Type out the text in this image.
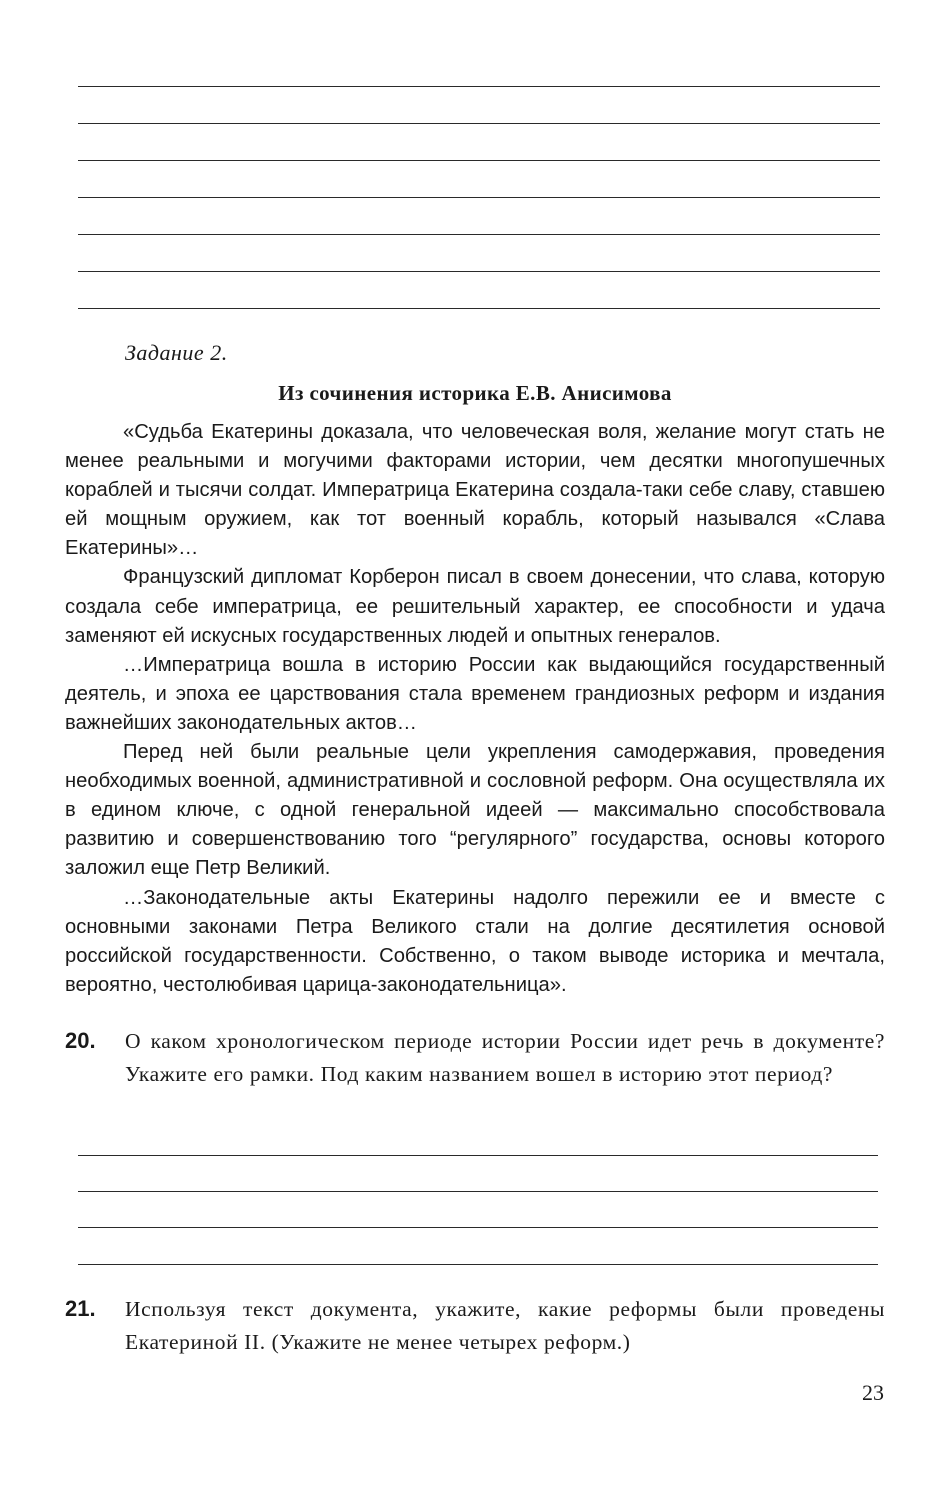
Задание 2.
Из сочинения историка Е.В. Анисимова

«Судьба Екатерины доказала, что человеческая воля, желание могут стать не менее реальными и могучими факторами истории, чем десятки многопушечных кораблей и тысячи солдат. Императрица Екатерина создала-таки себе славу, ставшею ей мощным оружием, как тот военный корабль, который назывался «Слава Екатерины»…

Французский дипломат Корберон писал в своем донесении, что слава, которую создала себе императрица, ее решительный характер, ее способности и удача заменяют ей искусных государственных людей и опытных генералов.

…Императрица вошла в историю России как выдающийся государственный деятель, и эпоха ее царствования стала временем грандиозных реформ и издания важнейших законодательных актов…

Перед ней были реальные цели укрепления самодержавия, проведения необходимых военной, административной и сословной реформ. Она осуществляла их в едином ключе, с одной генеральной идеей — максимально способствовала развитию и совершенствованию того “регулярного” государства, основы которого заложил еще Петр Великий.

…Законодательные акты Екатерины надолго пережили ее и вместе с основными законами Петра Великого стали на долгие десятилетия основой российской государственности. Собственно, о таком выводе историка и мечтала, вероятно, честолюбивая царица-законодательница».

20. О каком хронологическом периоде истории России идет речь в документе? Укажите его рамки. Под каким названием вошел в историю этот период?
21. Используя текст документа, укажите, какие реформы были проведены Екатериной II. (Укажите не менее четырех реформ.)
23
